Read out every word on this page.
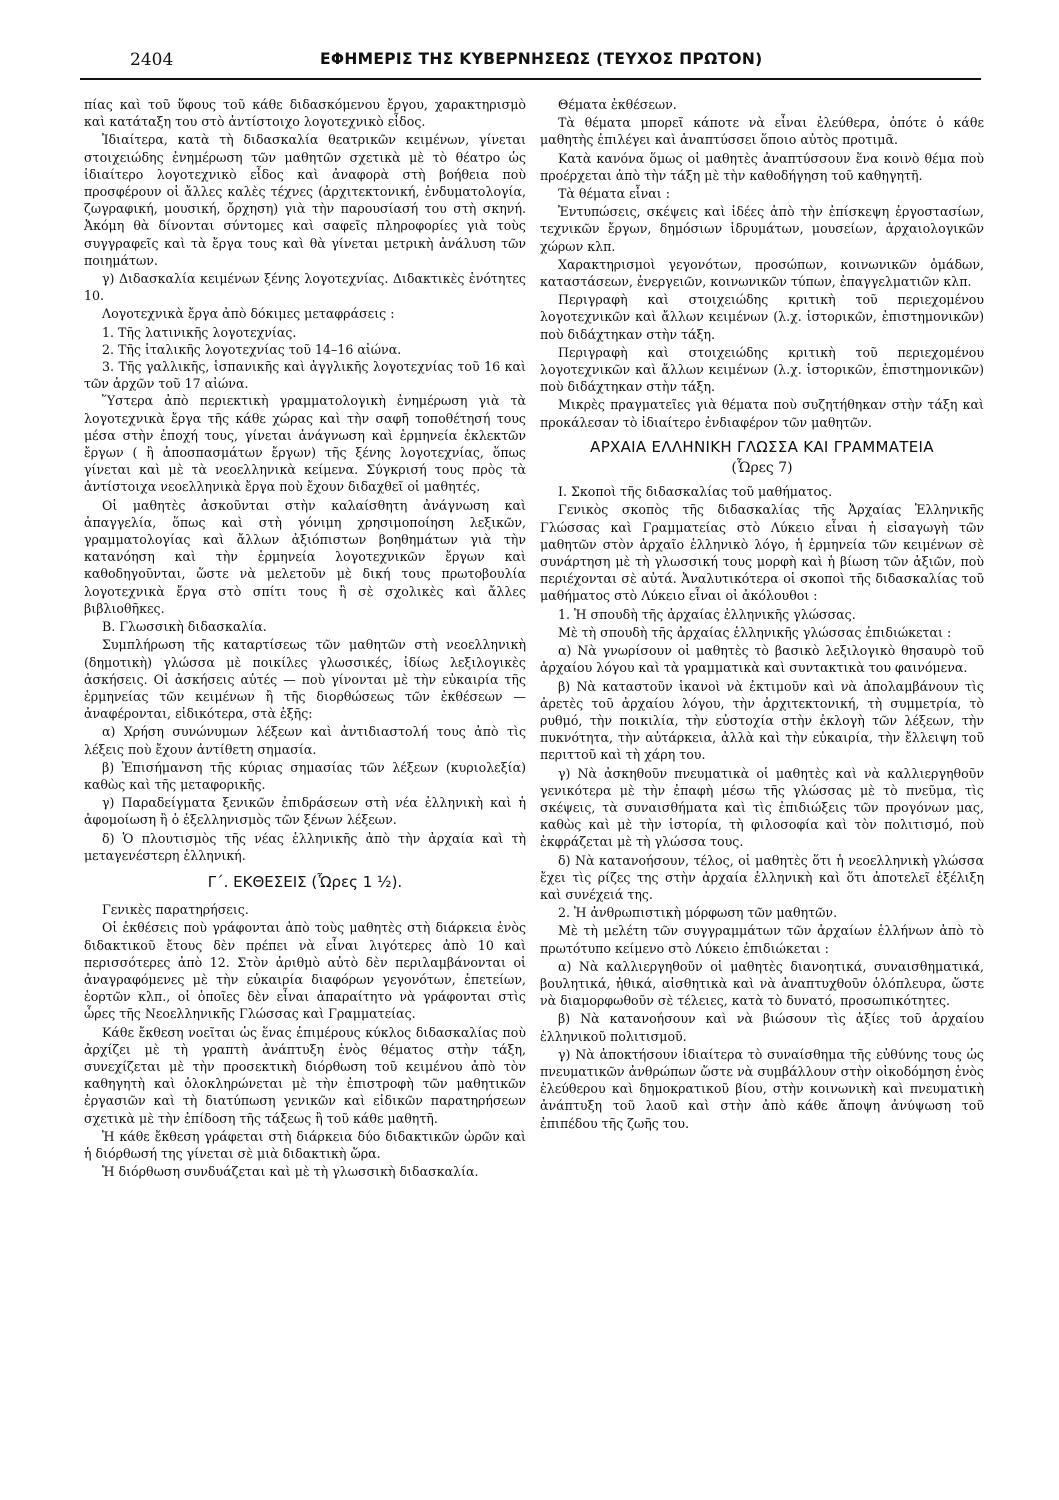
2404	ΕΦΗΜΕΡΙΣ ΤΗΣ ΚΥΒΕΡΝΗΣΕΩΣ (ΤΕΥΧΟΣ ΠΡΩΤΟΝ)

πίας καὶ τοῦ ὕφους τοῦ κάθε διδασκόμενου ἔργου, χαρακτηρισμὸ καὶ κατάταξη του στὸ ἀντίστοιχο λογοτεχνικὸ εἶδος.

Ἰδιαίτερα, κατὰ τὴ διδασκαλία θεατρικῶν κειμένων, γίνεται στοιχειώδης ἐνημέρωση τῶν μαθητῶν σχετικὰ μὲ τὸ θέατρο ὡς ἰδιαίτερο λογοτεχνικὸ εἶδος καὶ ἀναφορὰ στὴ βοήθεια ποὺ προσφέρουν οἱ ἄλλες καλὲς τέχνες (ἀρχιτεκτονική, ἐνδυματολογία, ζωγραφική, μουσική, ὄρχηση) γιὰ τὴν παρουσίασή του στὴ σκηνή. Ἀκόμη θὰ δίνονται σύντομες καὶ σαφεῖς πληροφορίες γιὰ τοὺς συγγραφεῖς καὶ τὰ ἔργα τους καὶ θὰ γίνεται μετρικὴ ἀνάλυση τῶν ποιημάτων.

γ) Διδασκαλία κειμένων ξένης λογοτεχνίας. Διδακτικὲς ἑνότητες 10.

Λογοτεχνικὰ ἔργα ἀπὸ δόκιμες μεταφράσεις :

1. Τῆς λατινικῆς λογοτεχνίας.

2. Τῆς ἰταλικῆς λογοτεχνίας τοῦ 14–16 αἰώνα.

3. Τῆς γαλλικῆς, ἱσπανικῆς καὶ ἀγγλικῆς λογοτεχνίας τοῦ 16 καὶ τῶν ἀρχῶν τοῦ 17 αἰώνα.

Ὕστερα ἀπὸ περιεκτικὴ γραμματολογικὴ ἐνημέρωση γιὰ τὰ λογοτεχνικὰ ἔργα τῆς κάθε χώρας καὶ τὴν σαφῆ τοποθέτησή τους μέσα στὴν ἐποχή τους, γίνεται ἀνάγνωση καὶ ἑρμηνεία ἐκλεκτῶν ἔργων ( ἢ ἀποσπασμάτων ἔργων) τῆς ξένης λογοτεχνίας, ὅπως γίνεται καὶ μὲ τὰ νεοελληνικὰ κείμενα. Σύγκρισή τους πρὸς τὰ ἀντίστοιχα νεοελληνικὰ ἔργα ποὺ ἔχουν διδαχθεῖ οἱ μαθητές.

Οἱ μαθητὲς ἀσκοῦνται στὴν καλαίσθητη ἀνάγνωση καὶ ἀπαγγελία, ὅπως καὶ στὴ γόνιμη χρησιμοποίηση λεξικῶν, γραμματολογίας καὶ ἄλλων ἀξιόπιστων βοηθημάτων γιὰ τὴν κατανόηση καὶ τὴν ἑρμηνεία λογοτεχνικῶν ἔργων καὶ καθοδηγοῦνται, ὥστε νὰ μελετοῦν μὲ δική τους πρωτοβουλία λογοτεχνικὰ ἔργα στὸ σπίτι τους ἢ σὲ σχολικὲς καὶ ἄλλες βιβλιοθῆκες.

Β. Γλωσσικὴ διδασκαλία.

Συμπλήρωση τῆς καταρτίσεως τῶν μαθητῶν στὴ νεοελληνικὴ (δημοτικὴ) γλώσσα μὲ ποικίλες γλωσσικές, ἰδίως λεξιλογικὲς ἀσκήσεις. Οἱ ἀσκήσεις αὐτές — ποὺ γίνονται μὲ τὴν εὐκαιρία τῆς ἑρμηνείας τῶν κειμένων ἢ τῆς διορθώσεως τῶν ἐκθέσεων — ἀναφέρονται, εἰδικότερα, στὰ ἑξῆς:

α) Χρήση συνώνυμων λέξεων καὶ ἀντιδιαστολή τους ἀπὸ τὶς λέξεις ποὺ ἔχουν ἀντίθετη σημασία.

β) Ἐπισήμανση τῆς κύριας σημασίας τῶν λέξεων (κυριολεξία) καθὼς καὶ τῆς μεταφορικῆς.

γ) Παραδείγματα ξενικῶν ἐπιδράσεων στὴ νέα ἑλληνικὴ καὶ ἡ ἀφομοίωση ἢ ὁ ἐξελληνισμὸς τῶν ξένων λέξεων.

δ) Ὁ πλουτισμὸς τῆς νέας ἑλληνικῆς ἀπὸ τὴν ἀρχαία καὶ τὴ μεταγενέστερη ἑλληνική.

Γ΄. ΕΚΘΕΣΕΙΣ (Ὧρες 1 ½).

Γενικὲς παρατηρήσεις.

Οἱ ἐκθέσεις ποὺ γράφονται ἀπὸ τοὺς μαθητὲς στὴ διάρκεια ἑνὸς διδακτικοῦ ἔτους δὲν πρέπει νὰ εἶναι λιγότερες ἀπὸ 10 καὶ περισσότερες ἀπὸ 12. Στὸν ἀριθμὸ αὐτὸ δὲν περιλαμβάνονται οἱ ἀναγραφόμενες μὲ τὴν εὐκαιρία διαφόρων γεγονότων, ἐπετείων, ἑορτῶν κλπ., οἱ ὁποῖες δὲν εἶναι ἀπαραίτητο νὰ γράφονται στὶς ὧρες τῆς Νεοελληνικῆς Γλώσσας καὶ Γραμματείας.

Κάθε ἔκθεση νοεῖται ὡς ἕνας ἐπιμέρους κύκλος διδασκαλίας ποὺ ἀρχίζει μὲ τὴ γραπτὴ ἀνάπτυξη ἑνὸς θέματος στὴν τάξη, συνεχίζεται μὲ τὴν προσεκτικὴ διόρθωση τοῦ κειμένου ἀπὸ τὸν καθηγητὴ καὶ ὁλοκληρώνεται μὲ τὴν ἐπιστροφὴ τῶν μαθητικῶν ἐργασιῶν καὶ τὴ διατύπωση γενικῶν καὶ εἰδικῶν παρατηρήσεων σχετικὰ μὲ τὴν ἐπίδοση τῆς τάξεως ἢ τοῦ κάθε μαθητῆ.

Ἡ κάθε ἔκθεση γράφεται στὴ διάρκεια δύο διδακτικῶν ὡρῶν καὶ ἡ διόρθωσή της γίνεται σὲ μιὰ διδακτικὴ ὥρα.

Ἡ διόρθωση συνδυάζεται καὶ μὲ τὴ γλωσσικὴ διδασκαλία.

Θέματα ἐκθέσεων.

Τὰ θέματα μπορεῖ κάποτε νὰ εἶναι ἐλεύθερα, ὁπότε ὁ κάθε μαθητὴς ἐπιλέγει καὶ ἀναπτύσσει ὅποιο αὐτὸς προτιμᾶ.

Κατὰ κανόνα ὅμως οἱ μαθητὲς ἀναπτύσσουν ἕνα κοινὸ θέμα ποὺ προέρχεται ἀπὸ τὴν τάξη μὲ τὴν καθοδήγηση τοῦ καθηγητῆ.

Τὰ θέματα εἶναι :

Ἐντυπώσεις, σκέψεις καὶ ἰδέες ἀπὸ τὴν ἐπίσκεψη ἐργοστασίων, τεχνικῶν ἔργων, δημόσιων ἱδρυμάτων, μουσείων, ἀρχαιολογικῶν χώρων κλπ.

Χαρακτηρισμοὶ γεγονότων, προσώπων, κοινωνικῶν ὁμάδων, καταστάσεων, ἐνεργειῶν, κοινωνικῶν τύπων, ἐπαγγελματιῶν κλπ.

Περιγραφὴ καὶ στοιχειώδης κριτικὴ τοῦ περιεχομένου λογοτεχνικῶν καὶ ἄλλων κειμένων (λ.χ. ἱστορικῶν, ἐπιστημονικῶν) ποὺ διδάχτηκαν στὴν τάξη.

Περιγραφὴ καὶ στοιχειώδης κριτικὴ τοῦ περιεχομένου λογοτεχνικῶν καὶ ἄλλων κειμένων (λ.χ. ἱστορικῶν, ἐπιστημονικῶν) ποὺ διδάχτηκαν στὴν τάξη.

Μικρὲς πραγματεῖες γιὰ θέματα ποὺ συζητήθηκαν στὴν τάξη καὶ προκάλεσαν τὸ ἰδιαίτερο ἐνδιαφέρον τῶν μαθητῶν.

ΑΡΧΑΙΑ ΕΛΛΗΝΙΚΗ ΓΛΩΣΣΑ ΚΑΙ ΓΡΑΜΜΑΤΕΙΑ
(Ὧρες 7)

Ι. Σκοποὶ τῆς διδασκαλίας τοῦ μαθήματος.

Γενικὸς σκοπὸς τῆς διδασκαλίας τῆς Ἀρχαίας Ἑλληνικῆς Γλώσσας καὶ Γραμματείας στὸ Λύκειο εἶναι ἡ εἰσαγωγὴ τῶν μαθητῶν στὸν ἀρχαῖο ἑλληνικὸ λόγο, ἡ ἑρμηνεία τῶν κειμένων σὲ συνάρτηση μὲ τὴ γλωσσική τους μορφὴ καὶ ἡ βίωση τῶν ἀξιῶν, ποὺ περιέχονται σὲ αὐτά. Ἀναλυτικότερα οἱ σκοποὶ τῆς διδασκαλίας τοῦ μαθήματος στὸ Λύκειο εἶναι οἱ ἀκόλουθοι :

1. Ἡ σπουδὴ τῆς ἀρχαίας ἑλληνικῆς γλώσσας.

Μὲ τὴ σπουδὴ τῆς ἀρχαίας ἑλληνικῆς γλώσσας ἐπιδιώκεται :

α) Νὰ γνωρίσουν οἱ μαθητὲς τὸ βασικὸ λεξιλογικὸ θησαυρὸ τοῦ ἀρχαίου λόγου καὶ τὰ γραμματικὰ καὶ συντακτικὰ του φαινόμενα.

β) Νὰ καταστοῦν ἱκανοὶ νὰ ἐκτιμοῦν καὶ νὰ ἀπολαμβάνουν τὶς ἀρετὲς τοῦ ἀρχαίου λόγου, τὴν ἀρχιτεκτονική, τὴ συμμετρία, τὸ ρυθμό, τὴν ποικιλία, τὴν εὐστοχία στὴν ἐκλογὴ τῶν λέξεων, τὴν πυκνότητα, τὴν αὐτάρκεια, ἀλλὰ καὶ τὴν εὐκαιρία, τὴν ἔλλειψη τοῦ περιττοῦ καὶ τὴ χάρη του.

γ) Νὰ ἀσκηθοῦν πνευματικὰ οἱ μαθητὲς καὶ νὰ καλλιεργηθοῦν γενικότερα μὲ τὴν ἐπαφὴ μέσω τῆς γλώσσας μὲ τὸ πνεῦμα, τὶς σκέψεις, τὰ συναισθήματα καὶ τὶς ἐπιδιώξεις τῶν προγόνων μας, καθὼς καὶ μὲ τὴν ἱστορία, τὴ φιλοσοφία καὶ τὸν πολιτισμό, ποὺ ἐκφράζεται μὲ τὴ γλώσσα τους.

δ) Νὰ κατανοήσουν, τέλος, οἱ μαθητὲς ὅτι ἡ νεοελληνικὴ γλώσσα ἔχει τὶς ρίζες της στὴν ἀρχαία ἑλληνικὴ καὶ ὅτι ἀποτελεῖ ἐξέλιξη καὶ συνέχειά της.

2. Ἡ ἀνθρωπιστικὴ μόρφωση τῶν μαθητῶν.

Μὲ τὴ μελέτη τῶν συγγραμμάτων τῶν ἀρχαίων ἑλλήνων ἀπὸ τὸ πρωτότυπο κείμενο στὸ Λύκειο ἐπιδιώκεται :

α) Νὰ καλλιεργηθοῦν οἱ μαθητὲς διανοητικά, συναισθηματικά, βουλητικά, ἠθικά, αἰσθητικὰ καὶ νὰ ἀναπτυχθοῦν ὁλόπλευρα, ὥστε νὰ διαμορφωθοῦν σὲ τέλειες, κατὰ τὸ δυνατό, προσωπικότητες.

β) Νὰ κατανοήσουν καὶ νὰ βιώσουν τὶς ἀξίες τοῦ ἀρχαίου ἑλληνικοῦ πολιτισμοῦ.

γ) Νὰ ἀποκτήσουν ἰδιαίτερα τὸ συναίσθημα τῆς εὐθύνης τους ὡς πνευματικῶν ἀνθρώπων ὥστε νὰ συμβάλλουν στὴν οἰκοδόμηση ἑνὸς ἐλεύθερου καὶ δημοκρατικοῦ βίου, στὴν κοινωνικὴ καὶ πνευματικὴ ἀνάπτυξη τοῦ λαοῦ καὶ στὴν ἀπὸ κάθε ἄποψη ἀνύψωση τοῦ ἐπιπέδου τῆς ζωῆς του.
